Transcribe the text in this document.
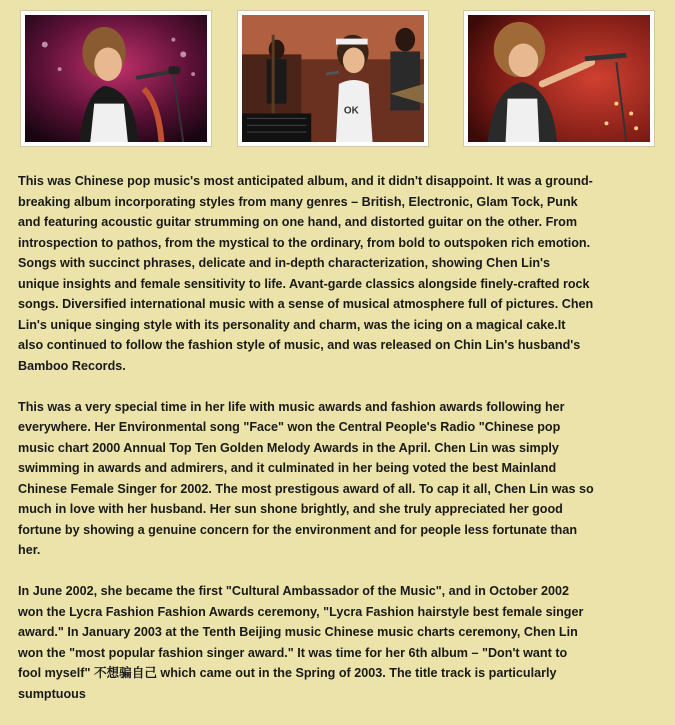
OK

This was Chinese pop music's most anticipated album, and it didn't disappoint. It was a ground-
breaking album incorporating styles from many genres – British, Electronic, Glam Tock, Punk
and featuring acoustic guitar strumming on one hand, and distorted guitar on the other. From
introspection to pathos, from the mystical to the ordinary, from bold to outspoken rich emotion.
Songs with succinct phrases, delicate and in-depth characterization, showing Chen Lin's
unique insights and female sensitivity to life. Avant-garde classics alongside finely-crafted rock
songs. Diversified international music with a sense of musical atmosphere full of pictures. Chen
Lin's unique singing style with its personality and charm, was the icing on a magical cake.It
also continued to follow the fashion style of music, and was released on Chin Lin's husband's
Bamboo Records.

This was a very special time in her life with music awards and fashion awards following her
everywhere. Her Environmental song "Face" won the Central People's Radio "Chinese pop
music chart 2000 Annual Top Ten Golden Melody Awards in the April. Chen Lin was simply
swimming in awards and admirers, and it culminated in her being voted the best Mainland
Chinese Female Singer for 2002. The most prestigous award of all. To cap it all, Chen Lin was so
much in love with her husband. Her sun shone brightly, and she truly appreciated her good
fortune by showing a genuine concern for the environment and for people less fortunate than
her.

In June 2002, she became the first "Cultural Ambassador of the Music", and in October 2002
won the Lycra Fashion Fashion Awards ceremony, "Lycra Fashion hairstyle best female singer
award." In January 2003 at the Tenth Beijing music Chinese music charts ceremony, Chen Lin
won the "most popular fashion singer award." It was time for her 6th album – "Don't want to
fool myself" 不想骗自己 which came out in the Spring of 2003. The title track is particularly
sumptuous
